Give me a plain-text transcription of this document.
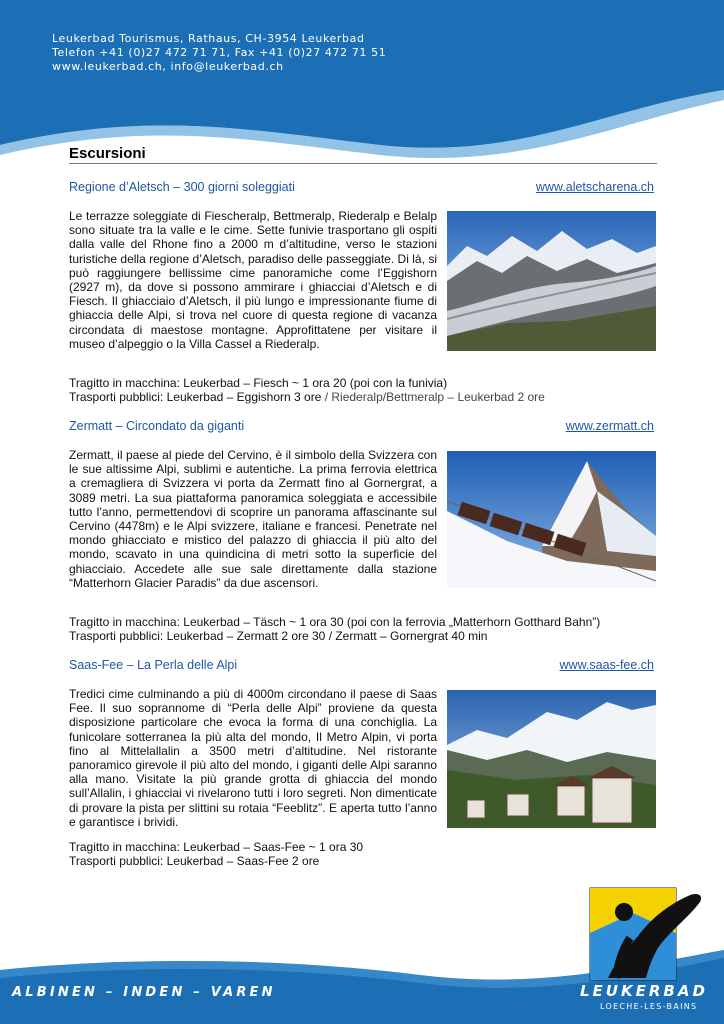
Leukerbad Tourismus, Rathaus, CH-3954 Leukerbad
Telefon +41 (0)27 472 71 71, Fax +41 (0)27 472 71 51
www.leukerbad.ch, info@leukerbad.ch
Escursioni
Regione d’Aletsch – 300 giorni soleggiati	www.aletscharena.ch
Le terrazze soleggiate di Fiescheralp, Bettmeralp, Riederalp e Belalp sono situate tra la valle e le cime. Sette funivie trasportano gli ospiti dalla valle del Rhone fino a 2000 m d’altitudine, verso le stazioni turistiche della regione d’Aletsch, paradiso delle passeggiate. Di là, si può raggiungere bellissime cime panoramiche come l’Eggishorn (2927 m), da dove si possono ammirare i ghiacciai d’Aletsch e di Fiesch. Il ghiacciaio d’Aletsch, il più lungo e impressionante fiume di ghiaccia delle Alpi, si trova nel cuore di questa regione di vacanza circondata di maestose montagne. Approfittatene per visitare il museo d’alpeggio o la Villa Cassel a Riederalp.
Tragitto in macchina: Leukerbad – Fiesch ~ 1 ora 20 (poi con la funivia)
Trasporti pubblici: Leukerbad – Eggishorn 3 ore / Riederalp/Bettmeralp – Leukerbad 2 ore
Zermatt – Circondato da giganti	www.zermatt.ch
Zermatt, il paese al piede del Cervino, è il simbolo della Svizzera con le sue altissime Alpi, sublimi e autentiche. La prima ferrovia elettrica a cremagliera di Svizzera vi porta da Zermatt fino al Gornergrat, a 3089 metri. La sua piattaforma panoramica soleggiata e accessibile tutto l’anno, permettendovi di scoprire un panorama affascinante sul Cervino (4478m) e le Alpi svizzere, italiane e francesi. Penetrate nel mondo ghiacciato e mistico del palazzo di ghiaccia il più alto del mondo, scavato in una quindicina di metri sotto la superficie del ghiacciaio. Accedete alle sue sale direttamente dalla stazione “Matterhorn Glacier Paradis” da due ascensori.
Tragitto in macchina: Leukerbad – Täsch ~ 1 ora 30 (poi con la ferrovia „Matterhorn Gotthard Bahn”)
Trasporti pubblici: Leukerbad – Zermatt 2 ore 30 / Zermatt – Gornergrat 40 min
Saas-Fee – La Perla delle Alpi	www.saas-fee.ch
Tredici cime culminando a più di 4000m circondano il paese di Saas Fee. Il suo soprannome di “Perla delle Alpi” proviene da questa disposizione particolare che evoca la forma di una conchiglia. La funicolare sotterranea la più alta del mondo, Il Metro Alpin, vi porta fino al Mittelallalin a 3500 metri d’altitudine. Nel ristorante panoramico girevole il più alto del mondo, i giganti delle Alpi saranno alla mano. Visitate la più grande grotta di ghiaccia del mondo sull’Allalin, i ghiacciai vi rivelarono tutti i loro segreti. Non dimenticate di provare la pista per slittini su rotaia “Feeblitz”. E aperta tutto l’anno e garantisce i brividi.
Tragitto in macchina: Leukerbad – Saas-Fee ~ 1 ora 30
Trasporti pubblici: Leukerbad – Saas-Fee 2 ore
ALBINEN – INDEN – VAREN	LEUKERBAD
LOECHE-LES-BAINS
